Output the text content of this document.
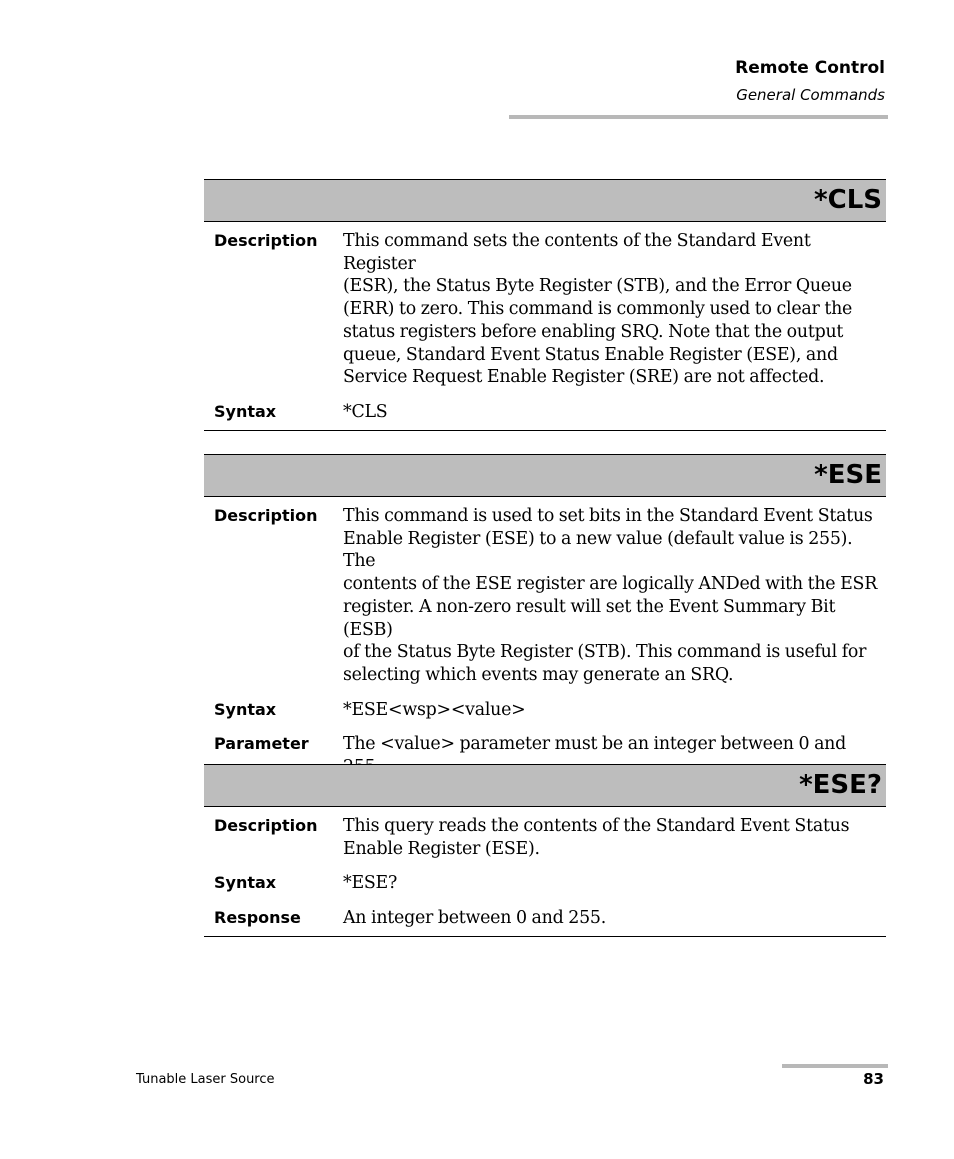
Remote Control
General Commands
*CLS
Description	This command sets the contents of the Standard Event Register
(ESR), the Status Byte Register (STB), and the Error Queue
(ERR) to zero. This command is commonly used to clear the
status registers before enabling SRQ. Note that the output
queue, Standard Event Status Enable Register (ESE), and
Service Request Enable Register (SRE) are not affected.
Syntax	*CLS
*ESE
Description	This command is used to set bits in the Standard Event Status
Enable Register (ESE) to a new value (default value is 255). The
contents of the ESE register are logically ANDed with the ESR
register. A non-zero result will set the Event Summary Bit (ESB)
of the Status Byte Register (STB). This command is useful for
selecting which events may generate an SRQ.
Syntax	*ESE<wsp><value>
Parameter	The <value> parameter must be an integer between 0 and
*ESE?
Description	This query reads the contents of the Standard Event Status
Enable Register (ESE).
Syntax	*ESE?
Response	An integer between 0 and 255.
Tunable Laser Source	83
